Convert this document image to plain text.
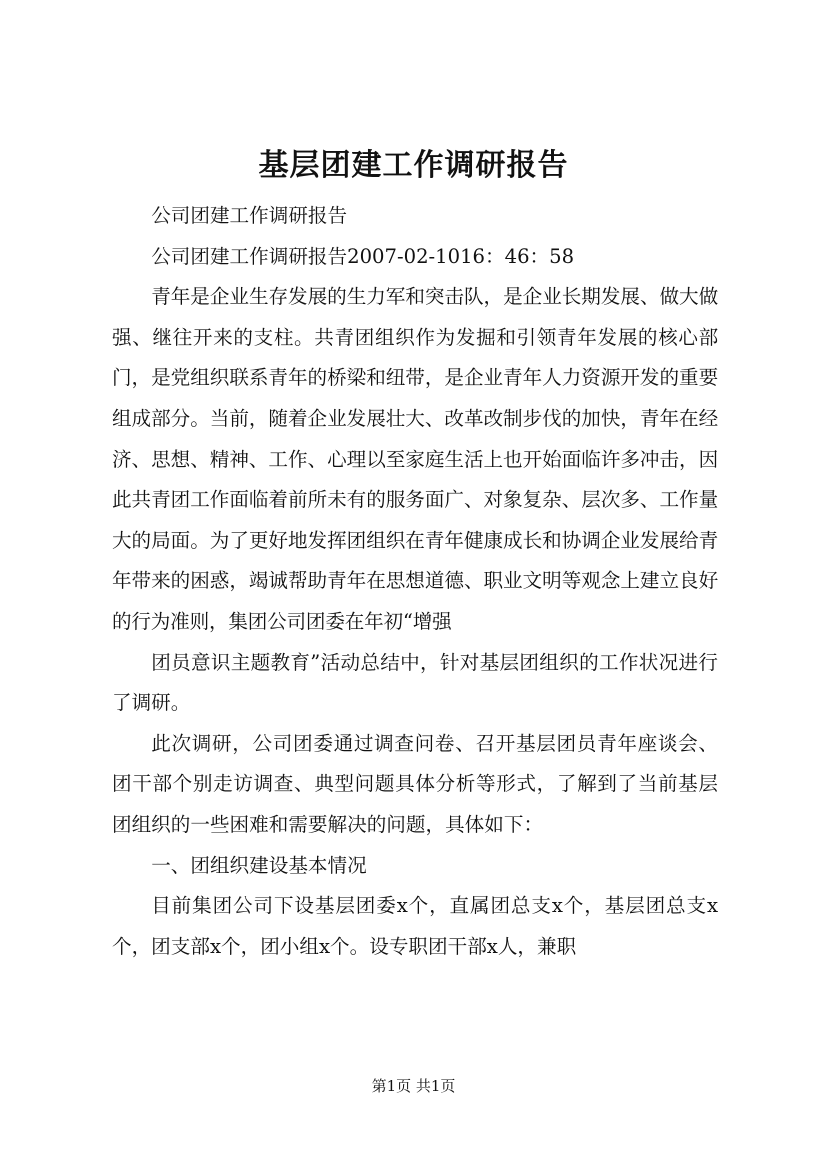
基层团建工作调研报告

公司团建工作调研报告

公司团建工作调研报告2007-02-1016：46：58

青年是企业生存发展的生力军和突击队，是企业长期发展、做大做强、继往开来的支柱。共青团组织作为发掘和引领青年发展的核心部门，是党组织联系青年的桥梁和纽带，是企业青年人力资源开发的重要组成部分。当前，随着企业发展壮大、改革改制步伐的加快，青年在经济、思想、精神、工作、心理以至家庭生活上也开始面临许多冲击，因此共青团工作面临着前所未有的服务面广、对象复杂、层次多、工作量大的局面。为了更好地发挥团组织在青年健康成长和协调企业发展给青年带来的困惑，竭诚帮助青年在思想道德、职业文明等观念上建立良好的行为准则，集团公司团委在年初“增强

团员意识主题教育”活动总结中，针对基层团组织的工作状况进行了调研。

此次调研，公司团委通过调查问卷、召开基层团员青年座谈会、团干部个别走访调查、典型问题具体分析等形式，了解到了当前基层团组织的一些困难和需要解决的问题，具体如下：

一、团组织建设基本情况

目前集团公司下设基层团委x个，直属团总支x个，基层团总支x个，团支部x个，团小组x个。设专职团干部x人，兼职

第1页 共1页
